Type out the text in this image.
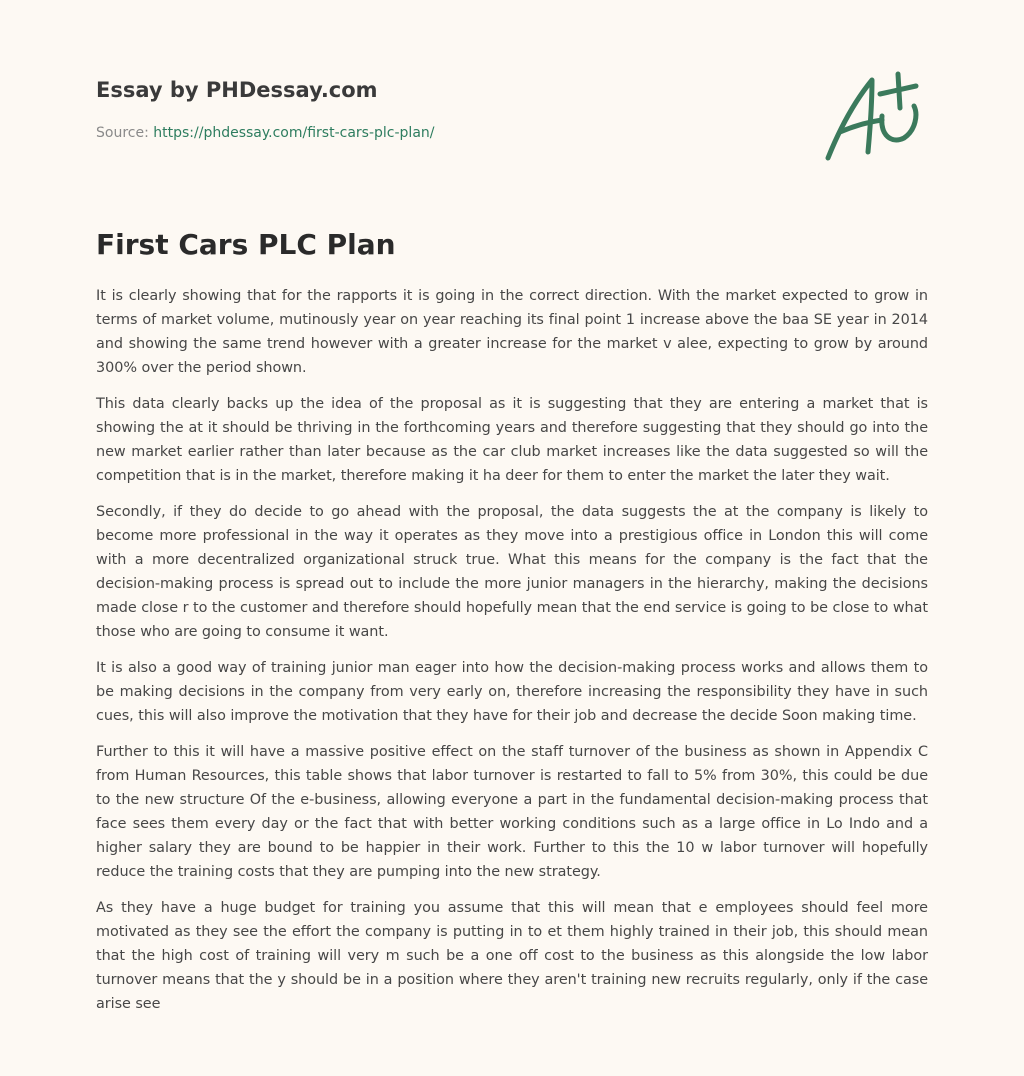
Essay by PHDessay.com
Source: https://phdessay.com/first-cars-plc-plan/
First Cars PLC Plan

It is clearly showing that for the rapports it is going in the correct direction. With the market expected to grow in terms of market volume, mutinously year on year reaching its final point 1 increase above the baa SE year in 2014 and showing the same trend however with a greater increase for the market v alee, expecting to grow by around 300% over the period shown.

This data clearly backs up the idea of the proposal as it is suggesting that they are entering a market that is showing the at it should be thriving in the forthcoming years and therefore suggesting that they should go into the new market earlier rather than later because as the car club market increases like the data suggested so will the competition that is in the market, therefore making it ha deer for them to enter the market the later they wait.

Secondly, if they do decide to go ahead with the proposal, the data suggests the at the company is likely to become more professional in the way it operates as they move into a prestigious office in London this will come with a more decentralized organizational struck true. What this means for the company is the fact that the decision-making process is spread out to include the more junior managers in the hierarchy, making the decisions made close r to the customer and therefore should hopefully mean that the end service is going to be close to what those who are going to consume it want.

It is also a good way of training junior man eager into how the decision-making process works and allows them to be making decisions in the company from very early on, therefore increasing the responsibility they have in such cues, this will also improve the motivation that they have for their job and decrease the decide Soon making time.

Further to this it will have a massive positive effect on the staff turnover of the business as shown in Appendix C from Human Resources, this table shows that labor turnover is restarted to fall to 5% from 30%, this could be due to the new structure Of the e-business, allowing everyone a part in the fundamental decision-making process that face sees them every day or the fact that with better working conditions such as a large office in Lo Indo and a higher salary they are bound to be happier in their work. Further to this the 10 w labor turnover will hopefully reduce the training costs that they are pumping into the new strategy.

As they have a huge budget for training you assume that this will mean that e employees should feel more motivated as they see the effort the company is putting in to et them highly trained in their job, this should mean that the high cost of training will very m such be a one off cost to the business as this alongside the low labor turnover means that the y should be in a position where they aren't training new recruits regularly, only if the case arise see
